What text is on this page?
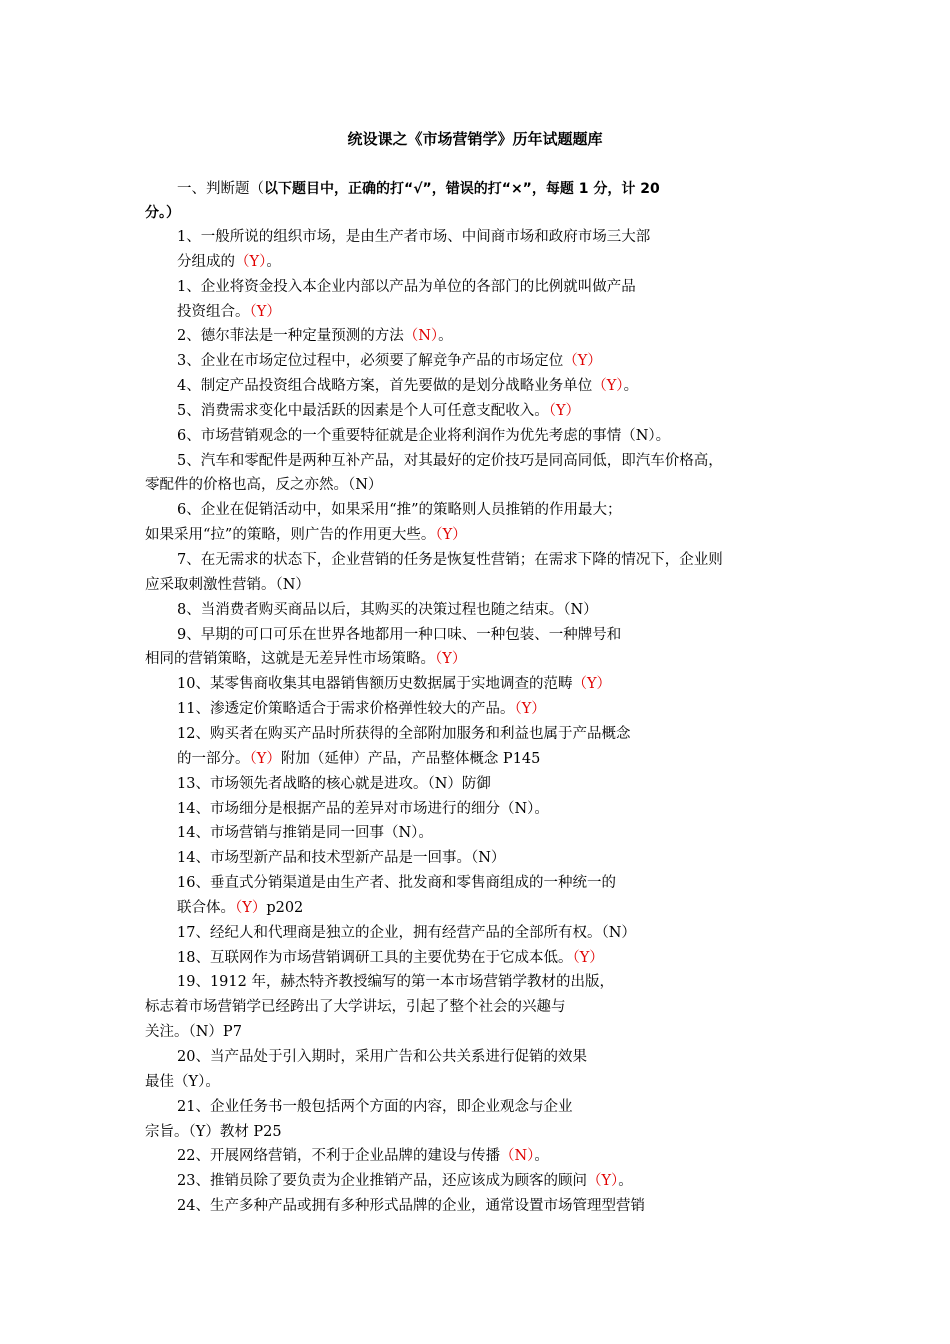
统设课之《市场营销学》历年试题题库
一、判断题（以下题目中，正确的打“√”，错误的打“×”，每题 1 分，计 20
分。）
1、一般所说的组织市场，是由生产者市场、中间商市场和政府市场三大部
分组成的（Y）。
1、企业将资金投入本企业内部以产品为单位的各部门的比例就叫做产品
投资组合。（Y）
2、德尔菲法是一种定量预测的方法（N）。
3、企业在市场定位过程中，必须要了解竞争产品的市场定位（Y）
4、制定产品投资组合战略方案，首先要做的是划分战略业务单位（Y）。
5、消费需求变化中最活跃的因素是个人可任意支配收入。（Y）
6、市场营销观念的一个重要特征就是企业将利润作为优先考虑的事情（N）。
5、汽车和零配件是两种互补产品，对其最好的定价技巧是同高同低，即汽车价格高，
零配件的价格也高，反之亦然。（N）
6、企业在促销活动中，如果采用“推”的策略则人员推销的作用最大；
如果采用“拉”的策略，则广告的作用更大些。（Y）
7、在无需求的状态下，企业营销的任务是恢复性营销；在需求下降的情况下，企业则
应采取刺激性营销。（N）
8、当消费者购买商品以后，其购买的决策过程也随之结束。（N）
9、早期的可口可乐在世界各地都用一种口味、一种包装、一种牌号和
相同的营销策略，这就是无差异性市场策略。（Y）
10、某零售商收集其电器销售额历史数据属于实地调查的范畴（Y）
11、渗透定价策略适合于需求价格弹性较大的产品。（Y）
12、购买者在购买产品时所获得的全部附加服务和利益也属于产品概念
的一部分。（Y）附加（延伸）产品，产品整体概念 P145
13、市场领先者战略的核心就是进攻。（N）防御
14、市场细分是根据产品的差异对市场进行的细分（N）。
14、市场营销与推销是同一回事（N）。
14、市场型新产品和技术型新产品是一回事。（N）
16、垂直式分销渠道是由生产者、批发商和零售商组成的一种统一的
联合体。（Y）p202
17、经纪人和代理商是独立的企业，拥有经营产品的全部所有权。（N）
18、互联网作为市场营销调研工具的主要优势在于它成本低。（Y）
19、1912 年，赫杰特齐教授编写的第一本市场营销学教材的出版，
标志着市场营销学已经跨出了大学讲坛，引起了整个社会的兴趣与
关注。（N）P7
20、当产品处于引入期时，采用广告和公共关系进行促销的效果
最佳（Y）。
21、企业任务书一般包括两个方面的内容，即企业观念与企业
宗旨。（Y）教材 P25
22、开展网络营销，不利于企业品牌的建设与传播（N）。
23、推销员除了要负责为企业推销产品，还应该成为顾客的顾问（Y）。
24、生产多种产品或拥有多种形式品牌的企业，通常设置市场管理型营销
